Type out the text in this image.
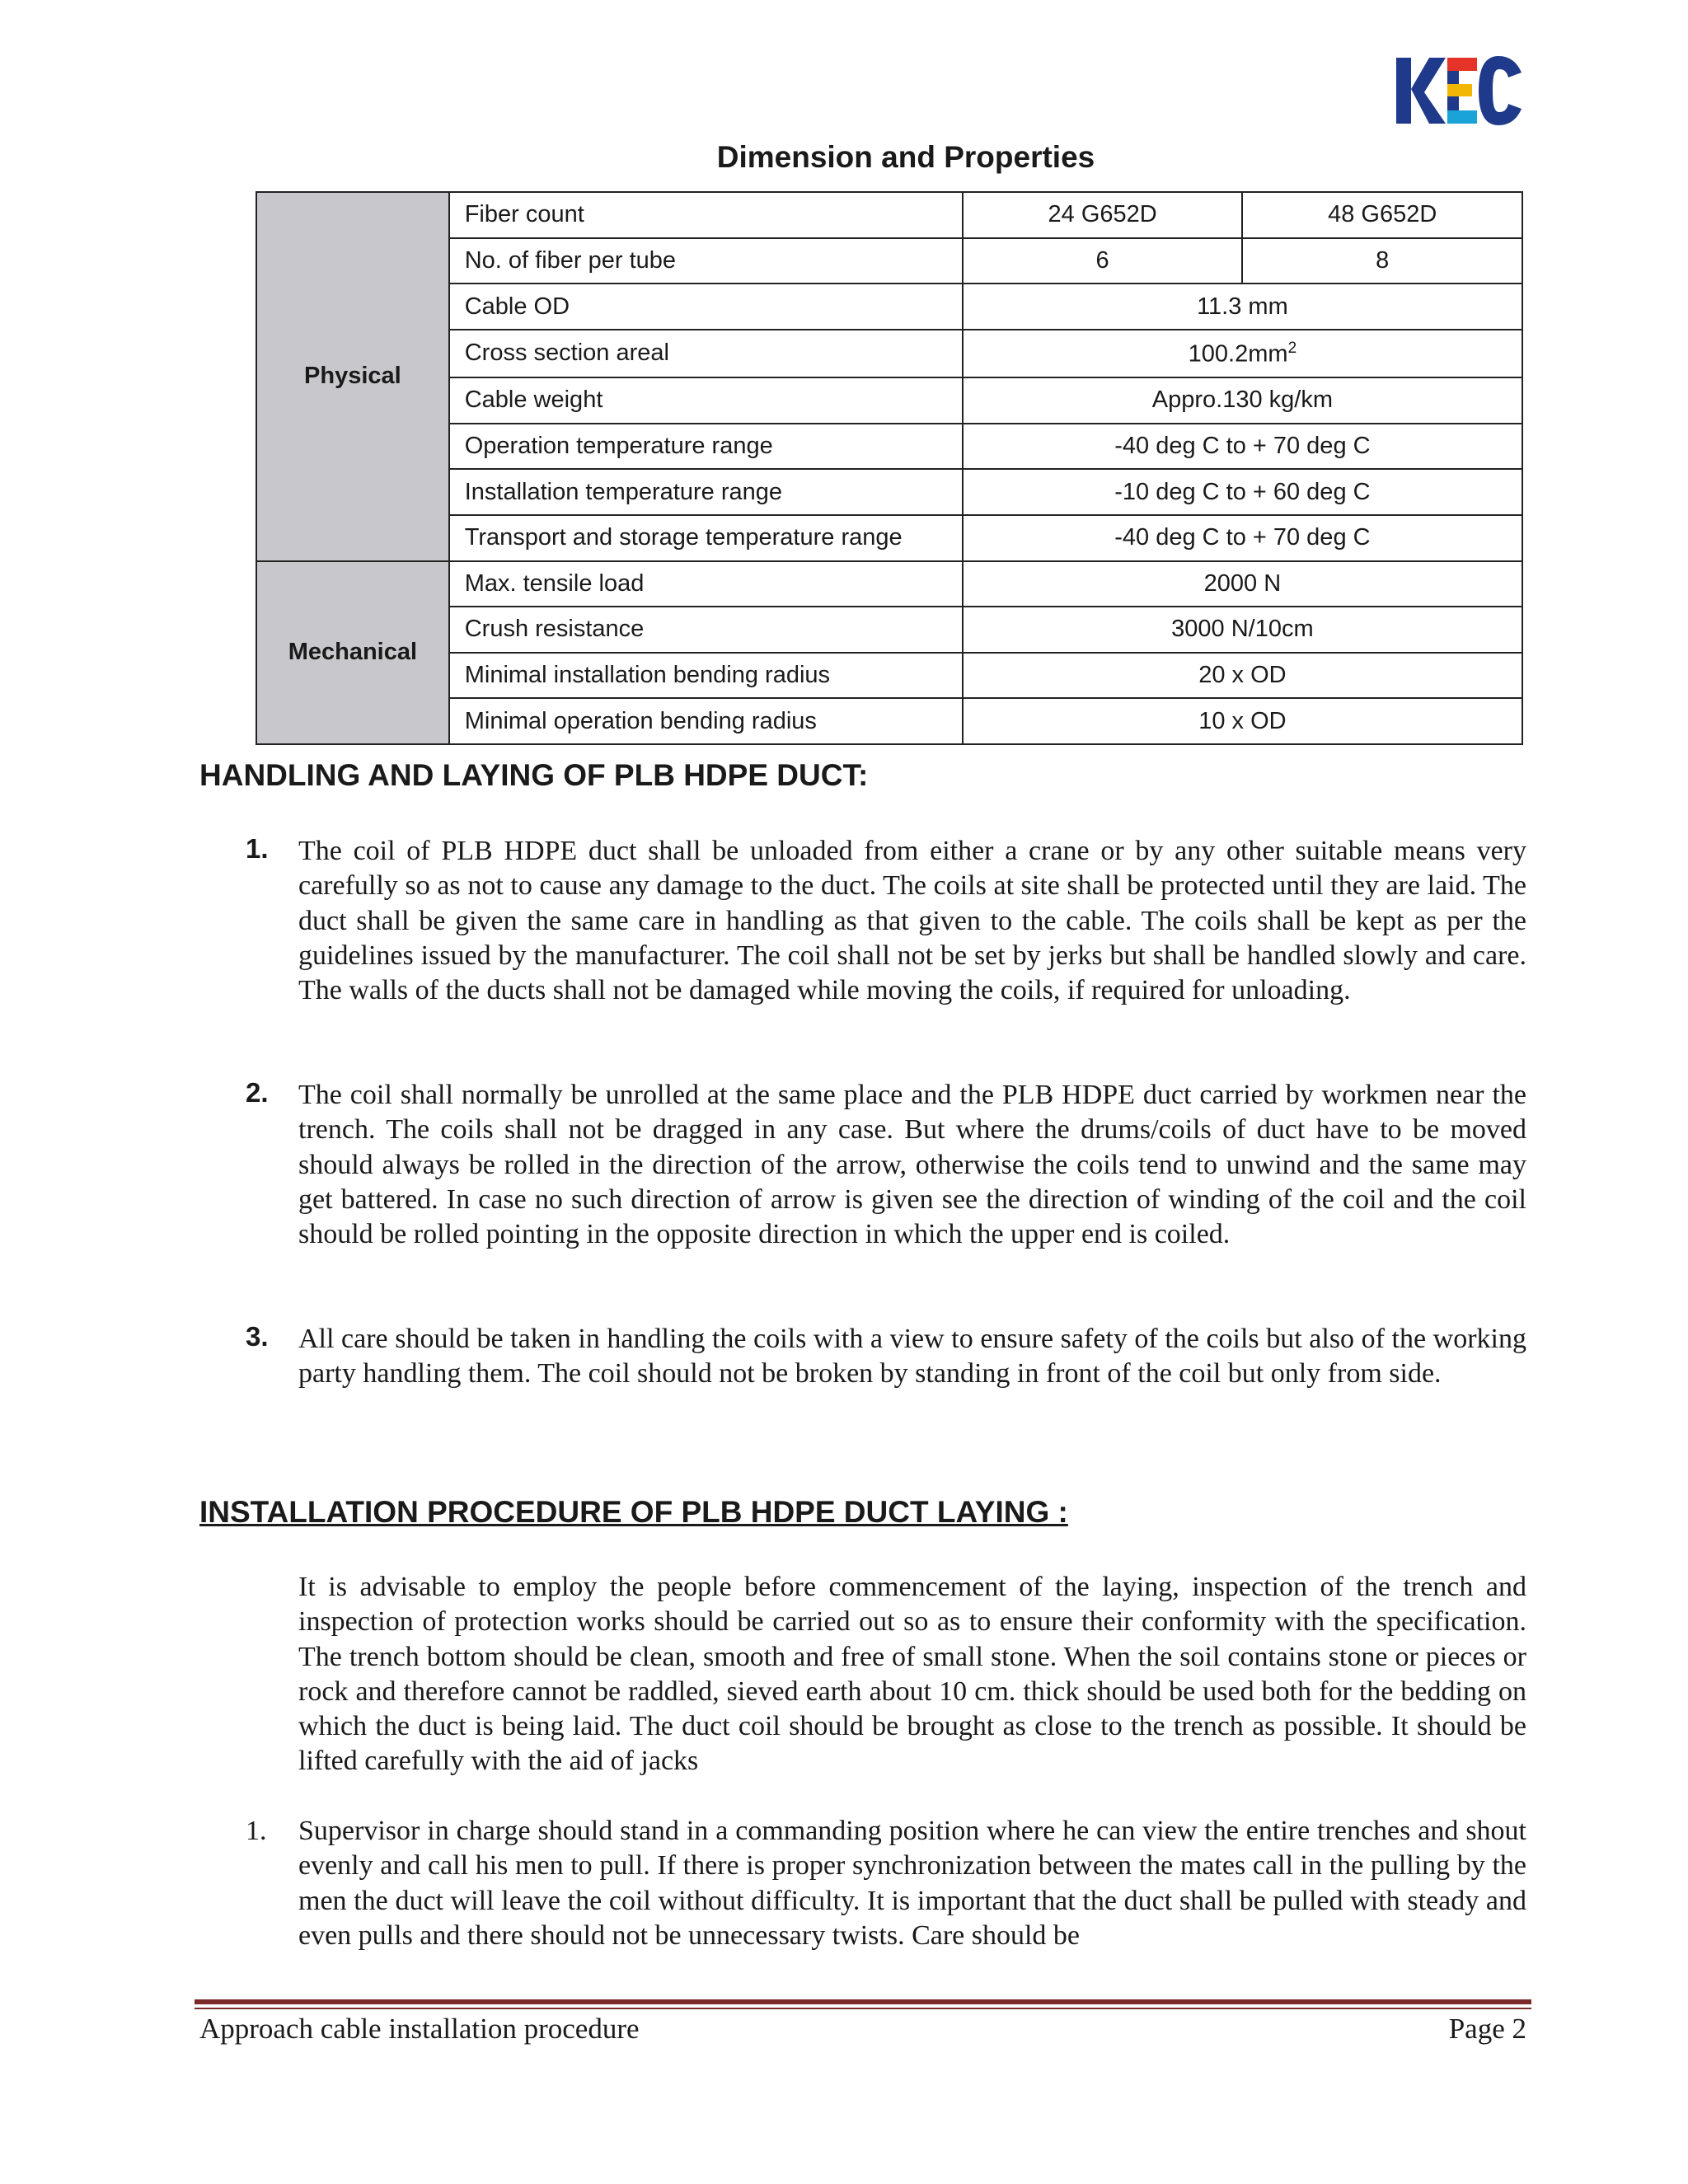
Dimension and Properties
Physical	Fiber count	24 G652D	48 G652D
	No. of fiber per tube	6	8
	Cable OD	11.3 mm	
	Cross section areal	$100.2mm^2$
	Cable weight	Appro.130 kg/km	
	Operation temperature range	-40 deg C to + 70 deg C	
	Installation temperature range	-10 deg C to + 60 deg C	
	Transport and storage temperature range	-40 deg C to + 70 deg C	
Mechanical	Max. tensile load	2000 N	
	Crush resistance	3000 N/10cm	
	Minimal installation bending radius	20 x OD	
	Minimal operation bending radius	10 x OD	
HANDLING AND LAYING OF PLB HDPE DUCT:

1. The coil of PLB HDPE duct shall be unloaded from either a crane or by any other suitable means very carefully so as not to cause any damage to the duct. The coils at site shall be protected until they are laid. The duct shall be given the same care in handling as that given to the cable. The coils shall be kept as per the guidelines issued by the manufacturer. The coil shall not be set by jerks but shall be handled slowly and care. The walls of the ducts shall not be damaged while moving the coils, if required for unloading.

2. The coil shall normally be unrolled at the same place and the PLB HDPE duct carried by workmen near the trench. The coils shall not be dragged in any case. But where the drums/coils of duct have to be moved should always be rolled in the direction of the arrow, otherwise the coils tend to unwind and the same may get battered. In case no such direction of arrow is given see the direction of winding of the coil and the coil should be rolled pointing in the opposite direction in which the upper end is coiled.

3. All care should be taken in handling the coils with a view to ensure safety of the coils but also of the working party handling them. The coil should not be broken by standing in front of the coil but only from side.

INSTALLATION PROCEDURE OF PLB HDPE DUCT LAYING :

It is advisable to employ the people before commencement of the laying, inspection of the trench and inspection of protection works should be carried out so as to ensure their conformity with the specification. The trench bottom should be clean, smooth and free of small stone. When the soil contains stone or pieces or rock and therefore cannot be raddled, sieved earth about 10 cm. thick should be used both for the bedding on which the duct is being laid. The duct coil should be brought as close to the trench as possible. It should be lifted carefully with the aid of jacks

1. Supervisor in charge should stand in a commanding position where he can view the entire trenches and shout evenly and call his men to pull. If there is proper synchronization between the mates call in the pulling by the men the duct will leave the coil without difficulty. It is important that the duct shall be pulled with steady and even pulls and there should not be unnecessary twists. Care should be

Approach cable installation procedure	Page 2
